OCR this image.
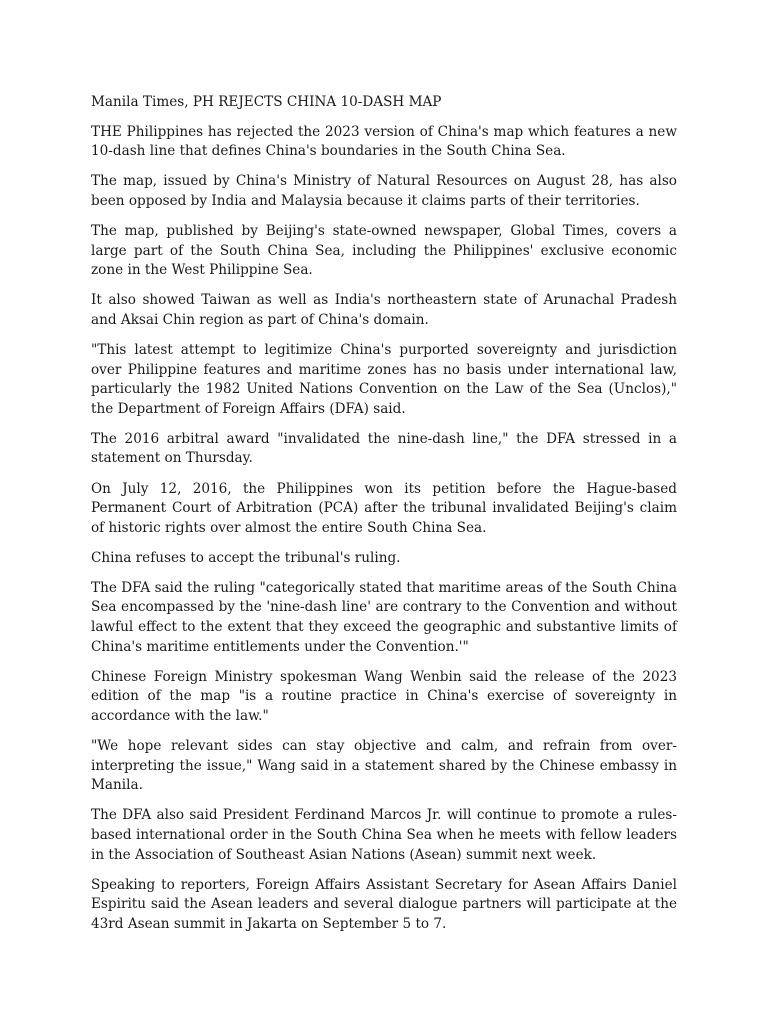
Manila Times, PH REJECTS CHINA 10-DASH MAP

THE Philippines has rejected the 2023 version of China's map which features a new 10-dash line that defines China's boundaries in the South China Sea.

The map, issued by China's Ministry of Natural Resources on August 28, has also been opposed by India and Malaysia because it claims parts of their territories.

The map, published by Beijing's state-owned newspaper, Global Times, covers a large part of the South China Sea, including the Philippines' exclusive economic zone in the West Philippine Sea.

It also showed Taiwan as well as India's northeastern state of Arunachal Pradesh and Aksai Chin region as part of China's domain.

"This latest attempt to legitimize China's purported sovereignty and jurisdiction over Philippine features and maritime zones has no basis under international law, particularly the 1982 United Nations Convention on the Law of the Sea (Unclos)," the Department of Foreign Affairs (DFA) said.

The 2016 arbitral award "invalidated the nine-dash line," the DFA stressed in a statement on Thursday.

On July 12, 2016, the Philippines won its petition before the Hague-based Permanent Court of Arbitration (PCA) after the tribunal invalidated Beijing's claim of historic rights over almost the entire South China Sea.

China refuses to accept the tribunal's ruling.

The DFA said the ruling "categorically stated that maritime areas of the South China Sea encompassed by the 'nine-dash line' are contrary to the Convention and without lawful effect to the extent that they exceed the geographic and substantive limits of China's maritime entitlements under the Convention.'"

Chinese Foreign Ministry spokesman Wang Wenbin said the release of the 2023 edition of the map "is a routine practice in China's exercise of sovereignty in accordance with the law."

"We hope relevant sides can stay objective and calm, and refrain from over-interpreting the issue," Wang said in a statement shared by the Chinese embassy in Manila.

The DFA also said President Ferdinand Marcos Jr. will continue to promote a rules-based international order in the South China Sea when he meets with fellow leaders in the Association of Southeast Asian Nations (Asean) summit next week.

Speaking to reporters, Foreign Affairs Assistant Secretary for Asean Affairs Daniel Espiritu said the Asean leaders and several dialogue partners will participate at the 43rd Asean summit in Jakarta on September 5 to 7.
